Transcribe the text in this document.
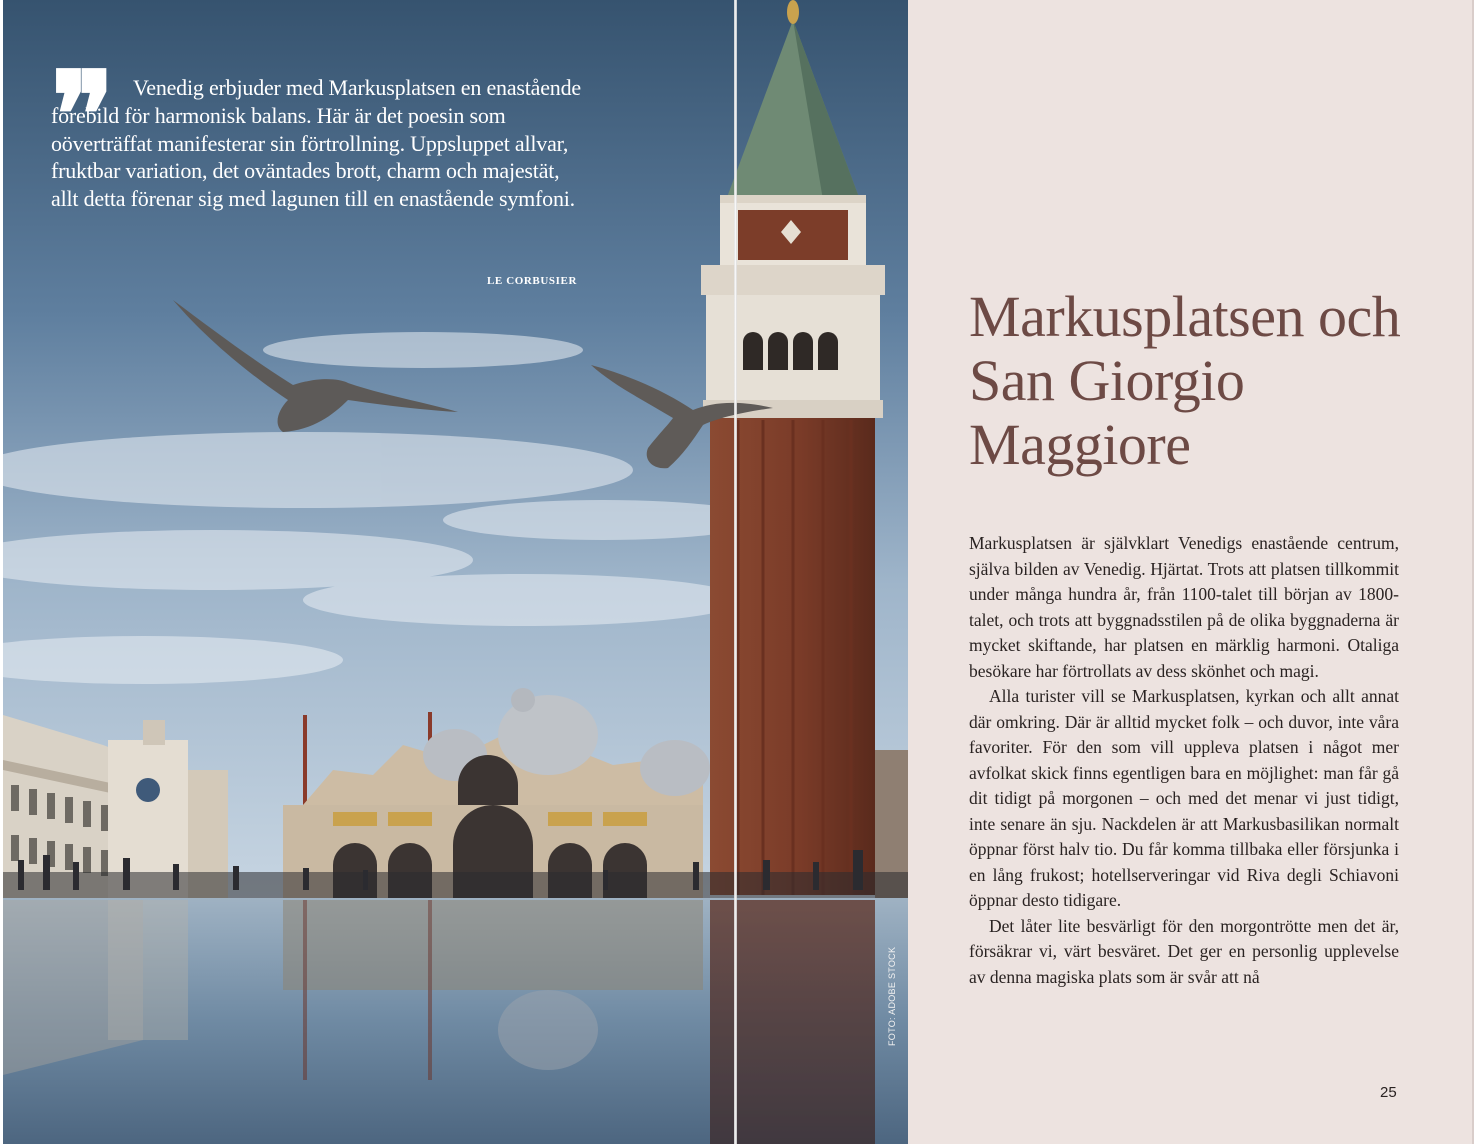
❞ Venedig erbjuder med Markusplatsen en enastående förebild för harmonisk balans. Här är det poesin som oöverträffat manifesterar sin förtrollning. Uppsluppet allvar, fruktbar variation, det oväntades brott, charm och majestät, allt detta förenar sig med lagunen till en enastående symfoni.

LE CORBUSIER
FOTO: ADOBE STOCK
Markusplatsen och San Giorgio Maggiore

Markusplatsen är självklart Venedigs enastående centrum, själva bilden av Venedig. Hjärtat. Trots att platsen tillkommit under många hundra år, från 1100-talet till början av 1800-talet, och trots att byggnadsstilen på de olika byggnaderna är mycket skiftande, har platsen en märklig harmoni. Otaliga besökare har förtrollats av dess skönhet och magi.

Alla turister vill se Markusplatsen, kyrkan och allt annat där omkring. Där är alltid mycket folk – och duvor, inte våra favoriter. För den som vill uppleva platsen i något mer avfolkat skick finns egentligen bara en möjlighet: man får gå dit tidigt på morgonen – och med det menar vi just tidigt, inte senare än sju. Nackdelen är att Markusbasilikan normalt öppnar först halv tio. Du får komma tillbaka eller försjunka i en lång frukost; hotellserveringar vid Riva degli Schiavoni öppnar desto tidigare.

Det låter lite besvärligt för den morgontrötte men det är, försäkrar vi, värt besväret. Det ger en personlig upplevelse av denna magiska plats som är svår att nå

25
